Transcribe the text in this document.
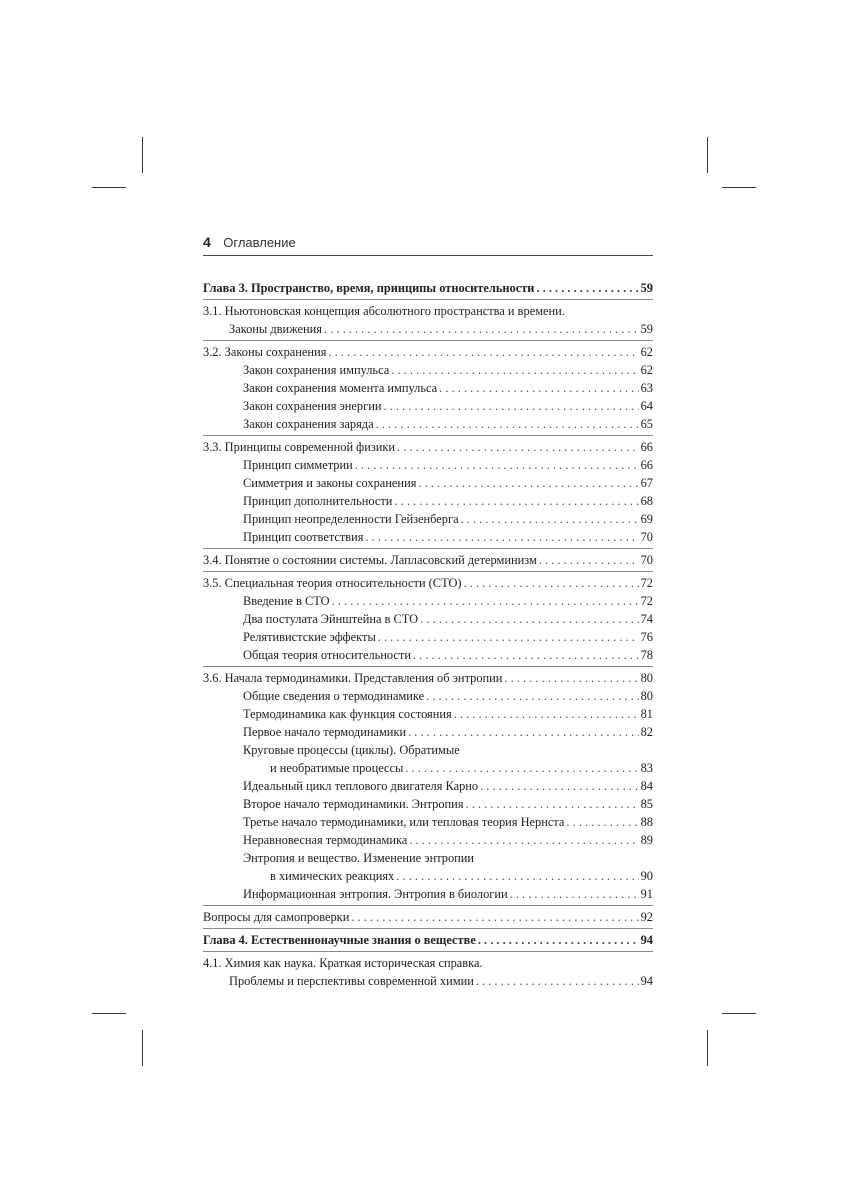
4 Оглавление
Глава 3. Пространство, время, принципы относительности . . .	59
3.1. Ньютоновская концепция абсолютного пространства и времени.
Законы движения . . .	59
3.2. Законы сохранения . . .	62
Закон сохранения импульса . . .	62
Закон сохранения момента импульса . . .	63
Закон сохранения энергии . . .	64
Закон сохранения заряда . . .	65
3.3. Принципы современной физики . . .	66
Принцип симметрии . . .	66
Симметрия и законы сохранения . . .	67
Принцип дополнительности . . .	68
Принцип неопределенности Гейзенберга . . .	69
Принцип соответствия . . .	70
3.4. Понятие о состоянии системы. Лапласовский детерминизм . . .	70
3.5. Специальная теория относительности (СТО) . . .	72
Введение в СТО . . .	72
Два постулата Эйнштейна в СТО . . .	74
Релятивистские эффекты . . .	76
Общая теория относительности . . .	78
3.6. Начала термодинамики. Представления об энтропии . . .	80
Общие сведения о термодинамике . . .	80
Термодинамика как функция состояния . . .	81
Первое начало термодинамики . . .	82
Круговые процессы (циклы). Обратимые
и необратимые процессы . . .	83
Идеальный цикл теплового двигателя Карно . . .	84
Второе начало термодинамики. Энтропия . . .	85
Третье начало термодинамики, или тепловая теория Нернста . . .	88
Неравновесная термодинамика . . .	89
Энтропия и вещество. Изменение энтропии
в химических реакциях . . .	90
Информационная энтропия. Энтропия в биологии . . .	91
Вопросы для самопроверки . . .	92
Глава 4. Естественнонаучные знания о веществе . . .	94
4.1. Химия как наука. Краткая историческая справка.
Проблемы и перспективы современной химии . . .	94
